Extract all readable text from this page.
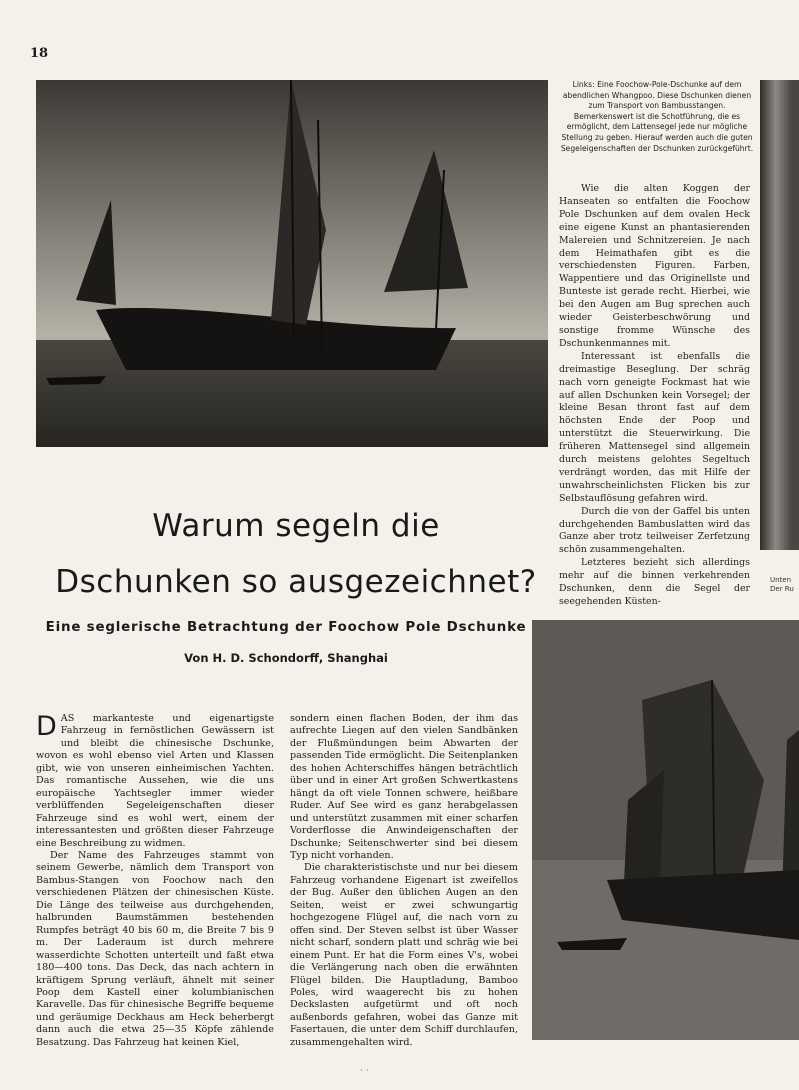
18
Links: Eine Foochow-Pole-Dschunke auf dem abendlichen Whangpoo. Diese Dschunken dienen zum Transport von Bambusstangen. Bemerkenswert ist die Schotführung, die es ermöglicht, dem Lattensegel jede nur mögliche Stellung zu geben. Hierauf werden auch die guten Segeleigenschaften der Dschunken zurückgeführt.
Unten Der Ru

Wie die alten Koggen der Hanseaten so entfalten die Foochow Pole Dschunken auf dem ovalen Heck eine eigene Kunst an phantasierenden Malereien und Schnitzereien. Je nach dem Heimathafen gibt es die verschiedensten Figuren. Farben, Wappentiere und das Originellste und Bunteste ist gerade recht. Hierbei, wie bei den Augen am Bug sprechen auch wieder Geisterbeschwörung und sonstige fromme Wünsche des Dschunkenmannes mit.

Interessant ist ebenfalls die dreimastige Beseglung. Der schräg nach vorn geneigte Fockmast hat wie auf allen Dschunken kein Vorsegel; der kleine Besan thront fast auf dem höchsten Ende der Poop und unterstützt die Steuerwirkung. Die früheren Mattensegel sind allgemein durch meistens gelohtes Segeltuch verdrängt worden, das mit Hilfe der unwahrscheinlichsten Flicken bis zur Selbstauflösung gefahren wird.

Durch die von der Gaffel bis unten durchgehenden Bambuslatten wird das Ganze aber trotz teilweiser Zerfetzung schön zusammengehalten.

Letzteres bezieht sich allerdings mehr auf die binnen verkehrenden Dschunken, denn die Segel der seegehenden Küsten-

Warum segeln die
Dschunken so ausgezeichnet?
Eine seglerische Betrachtung der Foochow Pole Dschunke
Von H. D. Schondorff, Shanghai

DAS markanteste und eigenartigste Fahrzeug in fernöstlichen Gewässern ist und bleibt die chinesische Dschunke, wovon es wohl ebenso viel Arten und Klassen gibt, wie von unseren einheimischen Yachten. Das romantische Aussehen, wie die uns europäische Yachtsegler immer wieder verblüffenden Segeleigenschaften dieser Fahrzeuge sind es wohl wert, einem der interessantesten und größten dieser Fahrzeuge eine Beschreibung zu widmen.

Der Name des Fahrzeuges stammt von seinem Gewerbe, nämlich dem Transport von Bambus-Stangen von Foochow nach den verschiedenen Plätzen der chinesischen Küste. Die Länge des teilweise aus durchgehenden, halbrunden Baumstämmen bestehenden Rumpfes beträgt 40 bis 60 m, die Breite 7 bis 9 m. Der Laderaum ist durch mehrere wasserdichte Schotten unterteilt und faßt etwa 180—400 tons. Das Deck, das nach achtern in kräftigem Sprung verläuft, ähnelt mit seiner Poop dem Kastell einer kolumbianischen Karavelle. Das für chinesische Begriffe bequeme und geräumige Deckhaus am Heck beherbergt dann auch die etwa 25—35 Köpfe zählende Besatzung. Das Fahrzeug hat keinen Kiel,

sondern einen flachen Boden, der ihm das aufrechte Liegen auf den vielen Sandbänken der Flußmündungen beim Abwarten der passenden Tide ermöglicht. Die Seitenplanken des hohen Achterschiffes hängen beträchtlich über und in einer Art großen Schwertkastens hängt da oft viele Tonnen schwere, heißbare Ruder. Auf See wird es ganz herabgelassen und unterstützt zusammen mit einer scharfen Vorderflosse die Anwindeigenschaften der Dschunke; Seitenschwerter sind bei diesem Typ nicht vorhanden.

Die charakteristischste und nur bei diesem Fahrzeug vorhandene Eigenart ist zweifellos der Bug. Außer den üblichen Augen an den Seiten, weist er zwei schwungartig hochgezogene Flügel auf, die nach vorn zu offen sind. Der Steven selbst ist über Wasser nicht scharf, sondern platt und schräg wie bei einem Punt. Er hat die Form eines V's, wobei die Verlängerung nach oben die erwähnten Flügel bilden. Die Hauptladung, Bamboo Poles, wird waagerecht bis zu hohen Deckslasten aufgetürmt und oft noch außenbords gefahren, wobei das Ganze mit Fasertauen, die unter dem Schiff durchlaufen, zusammengehalten wird.

· ·
